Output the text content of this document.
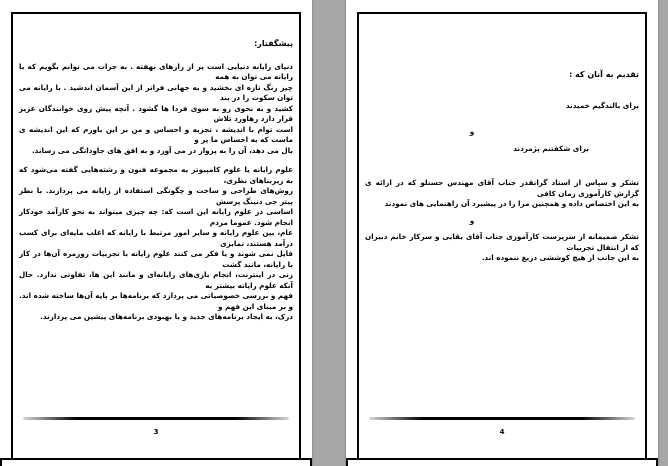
پیشگفتار:
دنیای رایانه دنیایی است پر از رازهای نهفته . به جرات می توانم بگویم که با رایانه می توان به همه
چیز رنگ تازه ای بخشید و به جهانی فراتر از این آسمان اندشید . با رایانه می توان سکوت را در بند
کشید و به نحوی رو به سوی فردا ها گشود . آنچه پیش روی خوانندگان عزیز قرار دارد رهاورد تلاش
است توام با اندیشه ، تجزیه و احساس و من بر این باورم که این اندیشه ی ماست که به احساس ما پر و
بال می دهد، آن را به پرواز در می آورد و به افق های جاودانگی می رساند.
علوم رایانه یا علوم کامپیوتر به مجموعه فنون و رشته‌هایی گفته می‌شود که به زیربناهای نظری،
روش‌های طراحی و ساخت و چگونگی استفاده از رایانه می پردازند. با نظر پیتر جی دنینگ پرسش
اساسی در علوم رایانه این است که: چه چیزی میتواند به نحو کارآمد خودکار انجام شود. عموما مردم
عام، بین علوم رایانه و سایر امور مرتبط با رایانه که اغلب مایه‌ای برای کسب درآمد هستند، تمایزی
قایل نمی شوند و یا فکر می کنند علوم رایانه با تجربیات روزمره آن‌ها در کار با رایانه، مانند گشت
زنی در اینترنت، انجام بازی‌های رایانه‌ای و مانند این ها، تفاوتی ندارد. حال آنکه علوم رایانه بیشتر به
فهم و بررسی خصوصیاتی می پردازد که برنامه‌ها بر پایه آن‌ها ساخته شده اند. و بر مبنای این فهم و
درک، به ایجاد برنامه‌های جدید و یا بهبودی برنامه‌های پیشین می پردازند.
3
تقدیم به آنان که :
برای بالندگیم خمیدند
و
برای شکفتنم پژمردند
تشکر و سپاس از استاد گرانقدر جناب آقای مهندس حسنلو که در ارائه ی گزارش کارآموزی زمان کافی
به این اختصاص داده و همچنین مرا را در پیشبرد آن راهنمایی های نمودند
و
تشکر صمیمانه از سرپرست کارآموزی جناب آقای بقایی و سرکار خانم دبیران که از انتقال تجربیات
به این جانب از هیچ کوششی دریغ ننموده اند.
4
